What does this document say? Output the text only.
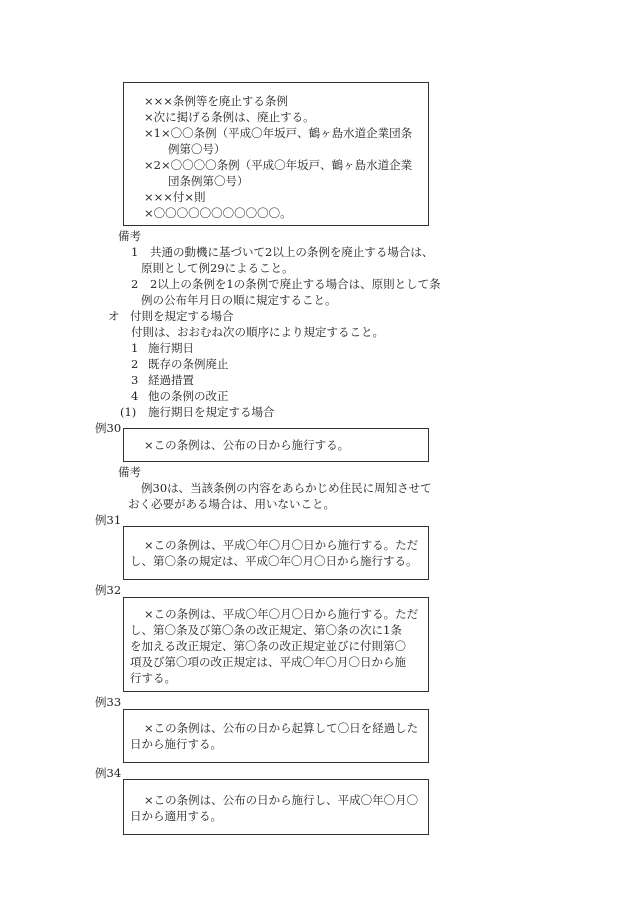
×××条例等を廃止する条例
×次に掲げる条例は、廃止する。
×1×〇〇条例（平成〇年坂戸、鶴ヶ島水道企業団条
例第〇号）
×2×〇〇〇〇条例（平成〇年坂戸、鶴ヶ島水道企業
団条例第〇号）
×××付×則
×〇〇〇〇〇〇〇〇〇〇〇。
備考
1 共通の動機に基づいて2以上の条例を廃止する場合は、
原則として例29によること。
2 2以上の条例を1の条例で廃止する場合は、原則として条
例の公布年月日の順に規定すること。
オ 付則を規定する場合
付則は、おおむね次の順序により規定すること。
1 施行期日
2 既存の条例廃止
3 経過措置
4 他の条例の改正
(1) 施行期日を規定する場合
例30
×この条例は、公布の日から施行する。
備考
例30は、当該条例の内容をあらかじめ住民に周知させて
おく必要がある場合は、用いないこと。
例31
×この条例は、平成〇年〇月〇日から施行する。ただ
し、第〇条の規定は、平成〇年〇月〇日から施行する。
例32
×この条例は、平成〇年〇月〇日から施行する。ただ
し、第〇条及び第〇条の改正規定、第〇条の次に1条
を加える改正規定、第〇条の改正規定並びに付則第〇
項及び第〇項の改正規定は、平成〇年〇月〇日から施
行する。
例33
×この条例は、公布の日から起算して〇日を経過した
日から施行する。
例34
×この条例は、公布の日から施行し、平成〇年〇月〇
日から適用する。
